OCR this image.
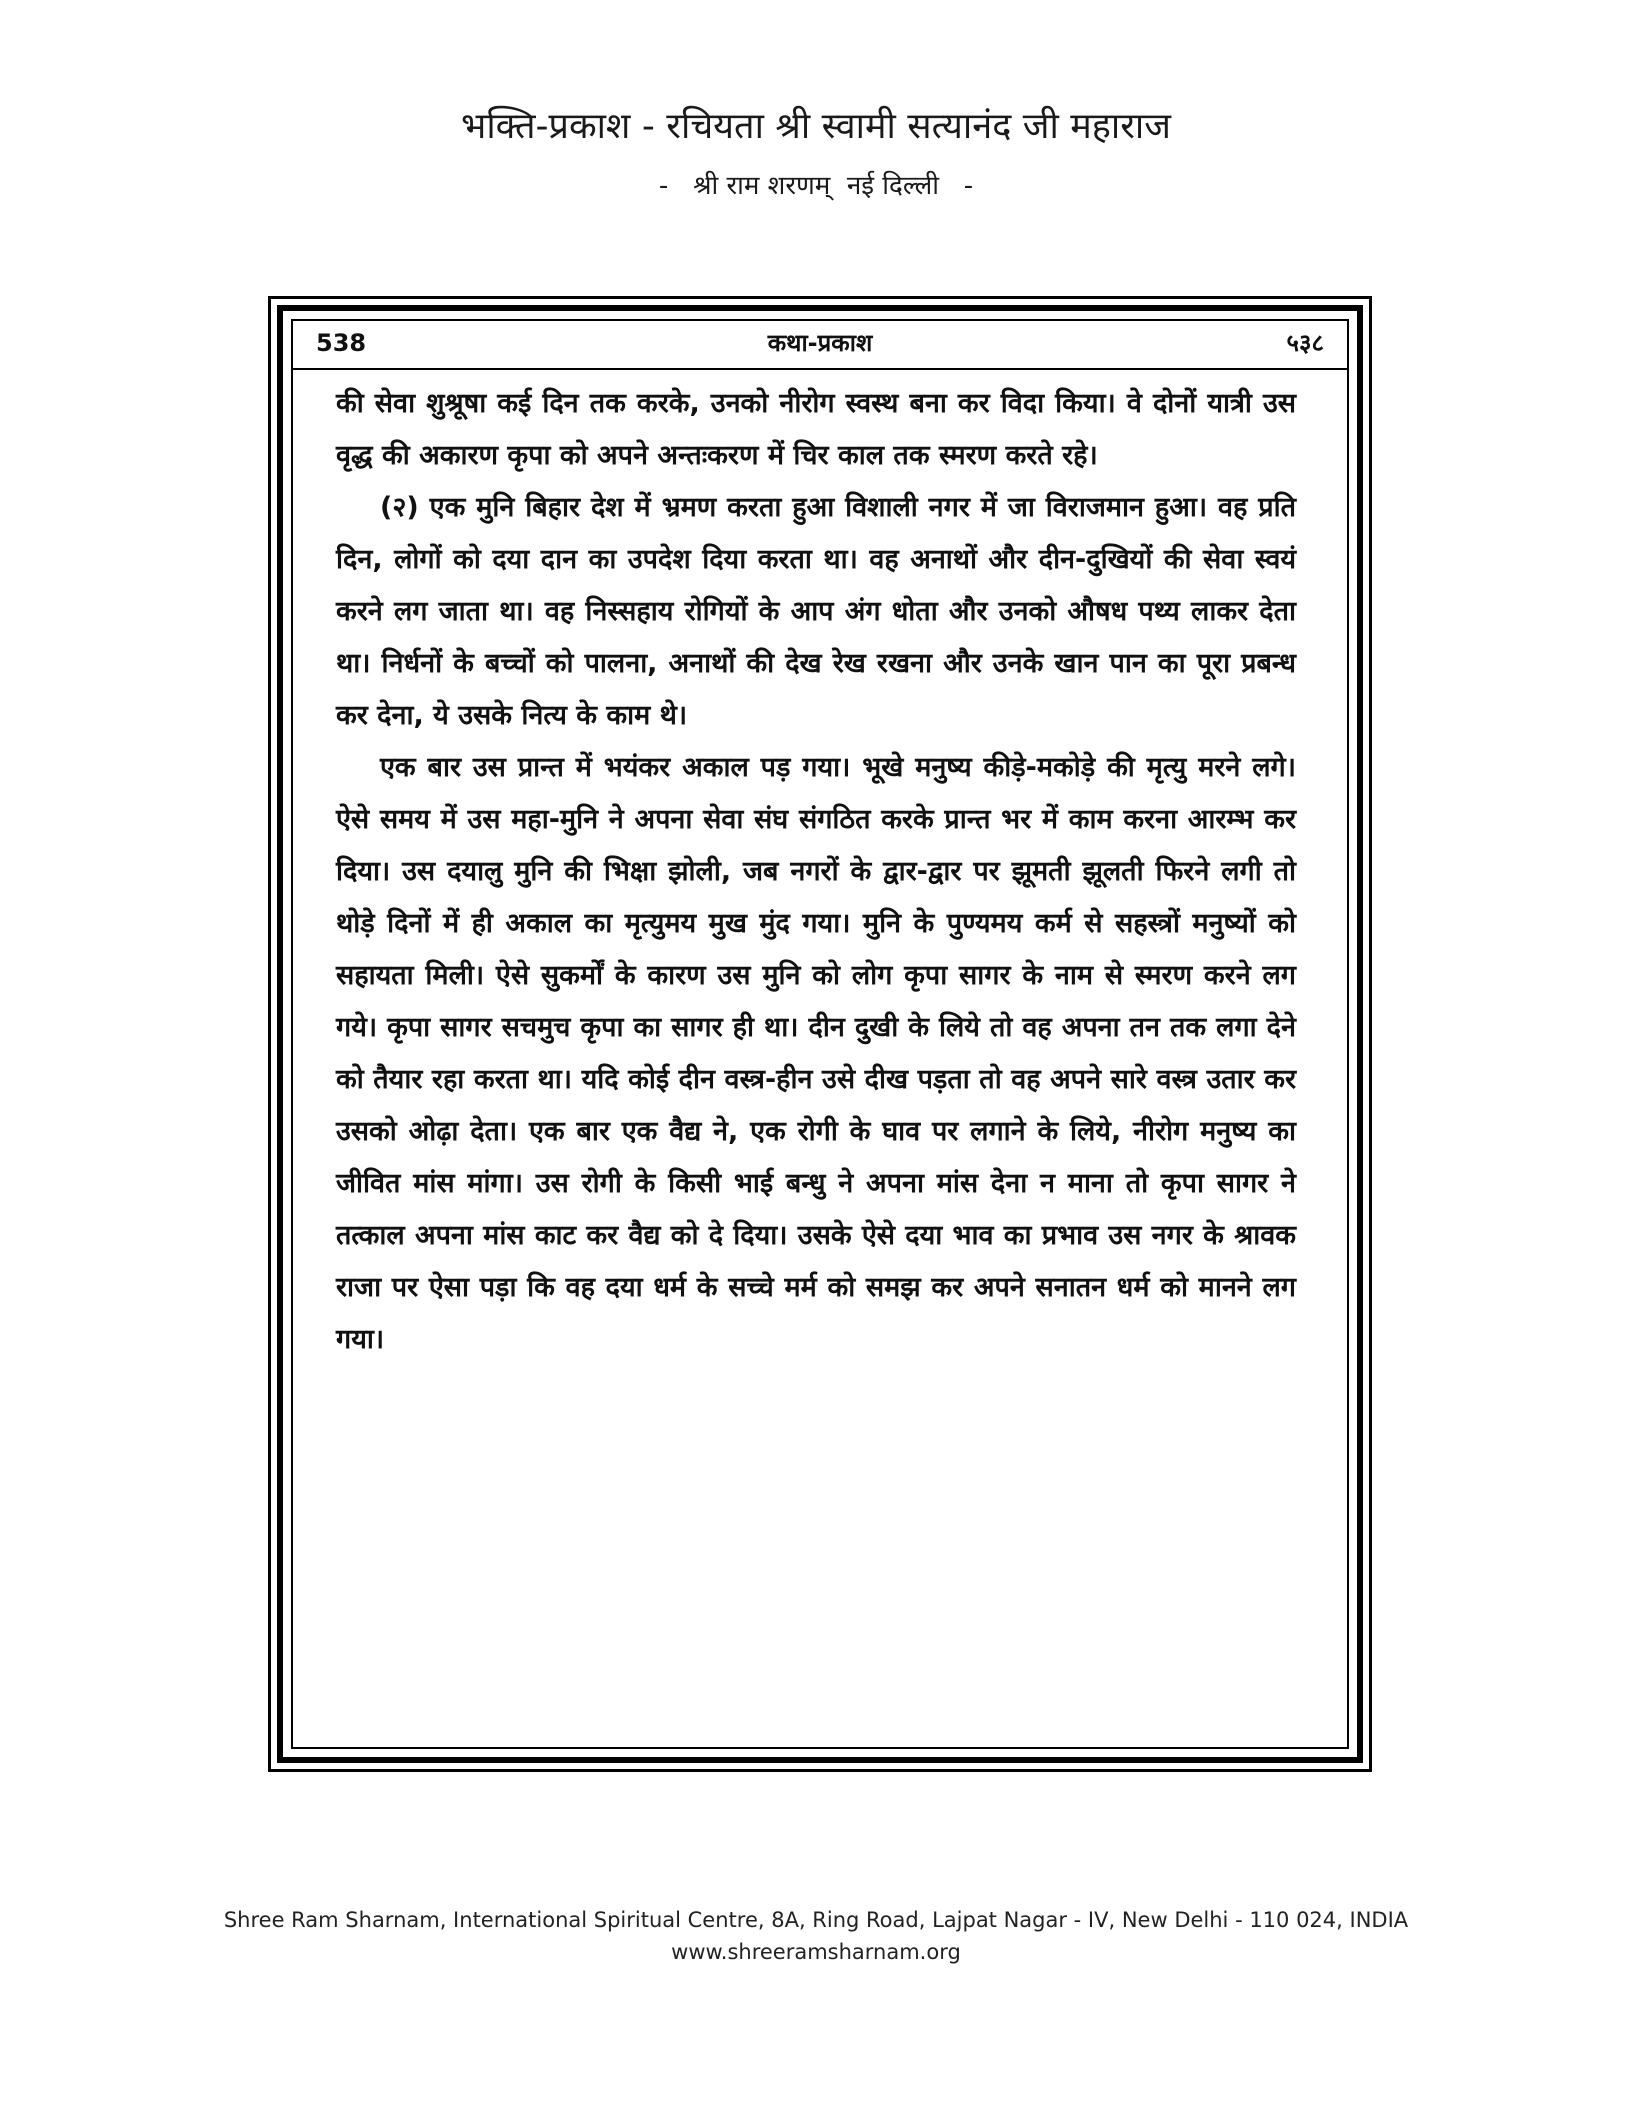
भक्ति-प्रकाश - रचियता श्री स्वामी सत्यानंद जी महाराज
-   श्री राम शरणम्  नई दिल्ली   -
538	कथा-प्रकाश	५३८

की सेवा शुश्रूषा कई दिन तक करके, उनको नीरोग स्वस्थ बना कर विदा किया। वे दोनों यात्री उस वृद्ध की अकारण कृपा को अपने अन्तःकरण में चिर काल तक स्मरण करते रहे।

(२) एक मुनि बिहार देश में भ्रमण करता हुआ विशाली नगर में जा विराजमान हुआ। वह प्रति दिन, लोगों को दया दान का उपदेश दिया करता था। वह अनाथों और दीन-दुखियों की सेवा स्वयं करने लग जाता था। वह निस्सहाय रोगियों के आप अंग धोता और उनको औषध पथ्य लाकर देता था। निर्धनों के बच्चों को पालना, अनाथों की देख रेख रखना और उनके खान पान का पूरा प्रबन्ध कर देना, ये उसके नित्य के काम थे।

एक बार उस प्रान्त में भयंकर अकाल पड़ गया। भूखे मनुष्य कीड़े-मकोड़े की मृत्यु मरने लगे। ऐसे समय में उस महा-मुनि ने अपना सेवा संघ संगठित करके प्रान्त भर में काम करना आरम्भ कर दिया। उस दयालु मुनि की भिक्षा झोली, जब नगरों के द्वार-द्वार पर झूमती झूलती फिरने लगी तो थोड़े दिनों में ही अकाल का मृत्युमय मुख मुंद गया। मुनि के पुण्यमय कर्म से सहस्त्रों मनुष्यों को सहायता मिली। ऐसे सुकर्मों के कारण उस मुनि को लोग कृपा सागर के नाम से स्मरण करने लग गये। कृपा सागर सचमुच कृपा का सागर ही था। दीन दुखी के लिये तो वह अपना तन तक लगा देने को तैयार रहा करता था। यदि कोई दीन वस्त्र-हीन उसे दीख पड़ता तो वह अपने सारे वस्त्र उतार कर उसको ओढ़ा देता। एक बार एक वैद्य ने, एक रोगी के घाव पर लगाने के लिये, नीरोग मनुष्य का जीवित मांस मांगा। उस रोगी के किसी भाई बन्धु ने अपना मांस देना न माना तो कृपा सागर ने तत्काल अपना मांस काट कर वैद्य को दे दिया। उसके ऐसे दया भाव का प्रभाव उस नगर के श्रावक राजा पर ऐसा पड़ा कि वह दया धर्म के सच्चे मर्म को समझ कर अपने सनातन धर्म को मानने लग गया।

Shree Ram Sharnam, International Spiritual Centre, 8A, Ring Road, Lajpat Nagar - IV, New Delhi - 110 024, INDIA
www.shreeramsharnam.org
